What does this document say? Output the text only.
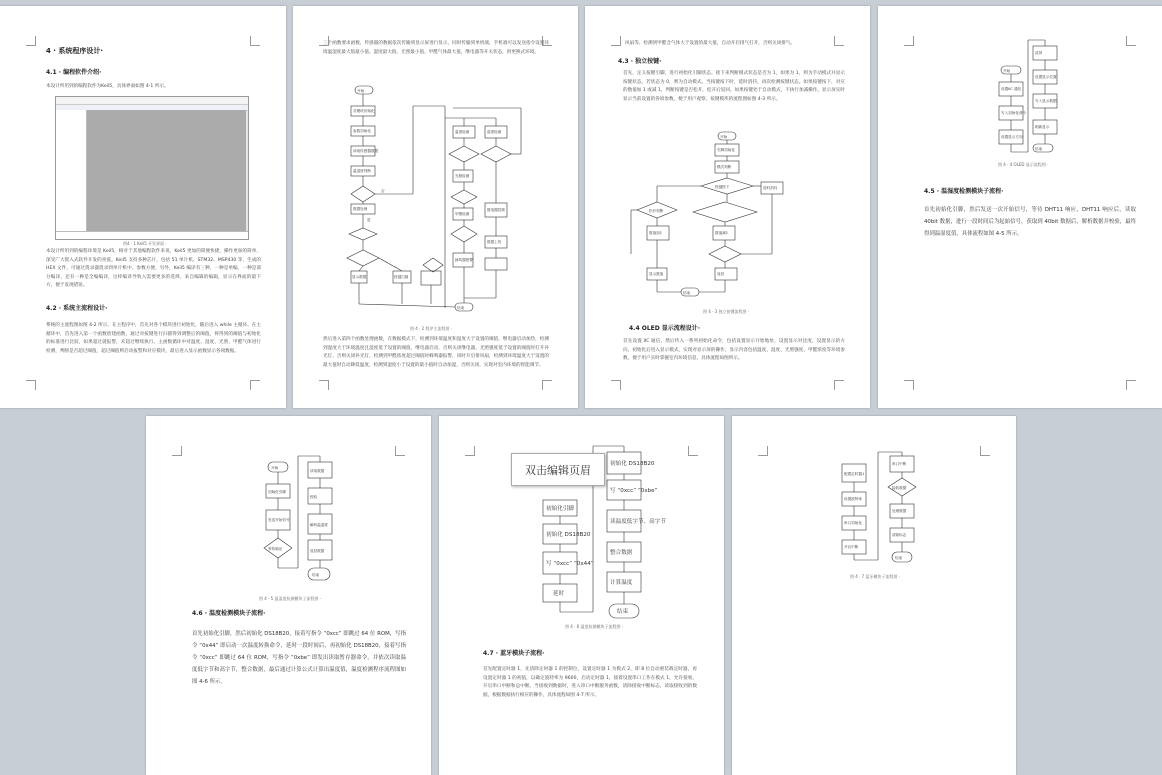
4 · 系统程序设计·
4.1 · 编程软件介绍·
本设计所用到的编程软件为Keil5，具体界面如图 4-1 所示。
图4 · 1 Keil5 开发界面 ·
本设计所用到的编程环境是 Keil5，相对于其他编程软件来说，Keil5 更加的简便快捷，操作更加的简单，深受广大嵌入式软件开发的喜爱。Keil5 支持多种芯片，包括 51 单片机、STM32、MSP430 等，生成的 HEX 文件，可通过烧录器烧录到单片机中。参数方便，另外，Keil5 编译有三种，一种是单编，一种是部分编译，还有一种是全编编译，这样编译导致入需要更多的选择，来自编辑的编辑，显示在界面的最下方，便于发现错误。
4.2 · 系统主流程设计·
系统的主流程图如图 4-2 所示。在主程序中，首先对各个模块进行初始化，随后进入 while 主循环。在主循环中，首先进入第一个函数创建函数，通过对按键进行扫描得到调整后的阈值，将得到的阈值与初始化的标准进行比较，如果超过就报警，未超过继续执行。主函数循环中对温度、湿度、光照、甲醛气体进行检测，判断是否超过阈值，超过阈值则启动报警和对应模块，最后进入显示函数显示各项数据。
三个函数要求函数，传感器的数据依次传输到显示屏进行显示，同时传输到单机端，手机端可以发送指令设置环境温湿度最大值最小值、湿度最大值、光照最小值、甲醛气体最大值，继电器等开关状态，供更换式环境。
开始
各模块初始化
参数初始化
读取传感器数据
温湿度判断
数据处理
显示数据	按键扫描
温度检测	湿度检测
光照检测
甲醛检测
继电器控制
蜂鸣器报警
数据上传
结束
是
否
图 4 · 2 程序主流程图 ·
然后进入第四个函数处理函数，在数据模式下，检测到环境温度和湿度大于设置的阈值，继电器启动加热，检测到湿度大于环境温度且湿度低于设置的阈值，继电器启动，否则关闭继电器，光照强度低于设置的阈值时打开补光灯，否则关闭补光灯，检测到甲醛浓度超过阈值时蜂鸣器报警，同时开启排风扇，检测到环境温度大于设置的最大值时自动降低温度，检测到湿度小于设置的最小值时自动加湿，否则关闭，实现对室内环境的智能调节。
风扇等。检测到甲醛含气体大于设置的最大值，自动开启排气打开，否则关闭排气。
4.3 · 独立按键·
首先，定义按键引脚，进行初始化引脚状态。接下来判断模式状态是否为 1，如果为 1，则为手动模式并显示按键状态，若状态为 0，则为自动模式。当按键按下时，延时消抖，再次检测按键状态。如果按键按下，对应的数值加 1 或减 1，判断按键是否松开，松开后返回。如果按键处于自动模式，不执行加减操作。显示屏实时显示当前设置的各项参数，便于用户观察。按键模块的流程图如图 4-3 所示。
开始
引脚初始化
模式判断
按键按下	延时消抖
松开判断
数值加1	数值减1
显示数值	返回
结束
图 4 · 3 独立按键流程图 ·
4.4 OLED 显示流程设计·
首先设置 IIC 通信，然后传入一系列初始化命令，包括设置显示开始地址，设置显示对比度，设置显示的方向，初始化后进入显示模式，实现对显示屏的操作，显示内容包括温度、湿度、光照强度、甲醛浓度等环境参数，便于用户实时掌握室内环境信息，具体流程如图所示。
开始
设置IIC 通信
写入初始化命令
设置显示方向
清屏
设置显示位置
写入显示数据
刷新显示
结束
图 4 · 4 OLED 显示流程图 ·
4.5 · 温湿度检测模块子流程·
首先初始化引脚，然后发送一次开始信号，等待 DHT11 响应，DHT11 响应后，读取 40bit 数据，进行一段时间后为起始信号，获取到 40bit 数据后，解析数据并校验，最终得到温湿度值，具体流程如图 4-5 所示。
开始
初始化引脚
发送开始信号
等待响应
读取数据
校验
解析温湿度
返回数据
结束
图 4 · 5 温湿度检测模块子流程图 ·
4.6 · 温度检测模块子流程·
首先初始化引脚，然后初始化 DS18B20，接着写指令 “0xcc” 即跳过 64 位 ROM，写指令 “0x44” 即启动一次温度转换命令，延时一段时间后，再初始化 DS18B20，接着写指令 “0xcc” 即跳过 64 位 ROM，写指令 “0xbe” 即发出读取暂存器命令，并依次读取温度低字节和高字节，整合数据，最后通过计算公式计算出温度值，温度检测程序流程图如图 4-6 所示。
初始化引脚
初始化 DS18B20
写 “0xcc” “0x44”
延时
初始化 DS18B20
写 “0xcc” “0xbe”
读温度低字节、高字节
整合数据
计算温度
结束
图 4 · 6 温度检测模块子流程图 ·
4.7 · 蓝牙模块子流程·
首先配置定时器 1，先清除定时器 1 的控制位，设置定时器 1 为模式 2，即 8 位自动重装载定时器，再设置定时器 1 的初值，以确定波特率为 9600，启动定时器 1，接着设置串口工作在模式 1，允许接收，开启串口中断和总中断。当接收到数据时，进入串口中断服务函数，清除接收中断标志，读取接收到的数据，根据数据执行相应的操作，具体流程如图 4-7 所示。
双击编辑页眉	配置定时器1
设置波特率
串口初始化
开启中断
串口中断
接收数据
处理数据
清除标志
结束
图 4 · 7 蓝牙模块子流程图 ·
